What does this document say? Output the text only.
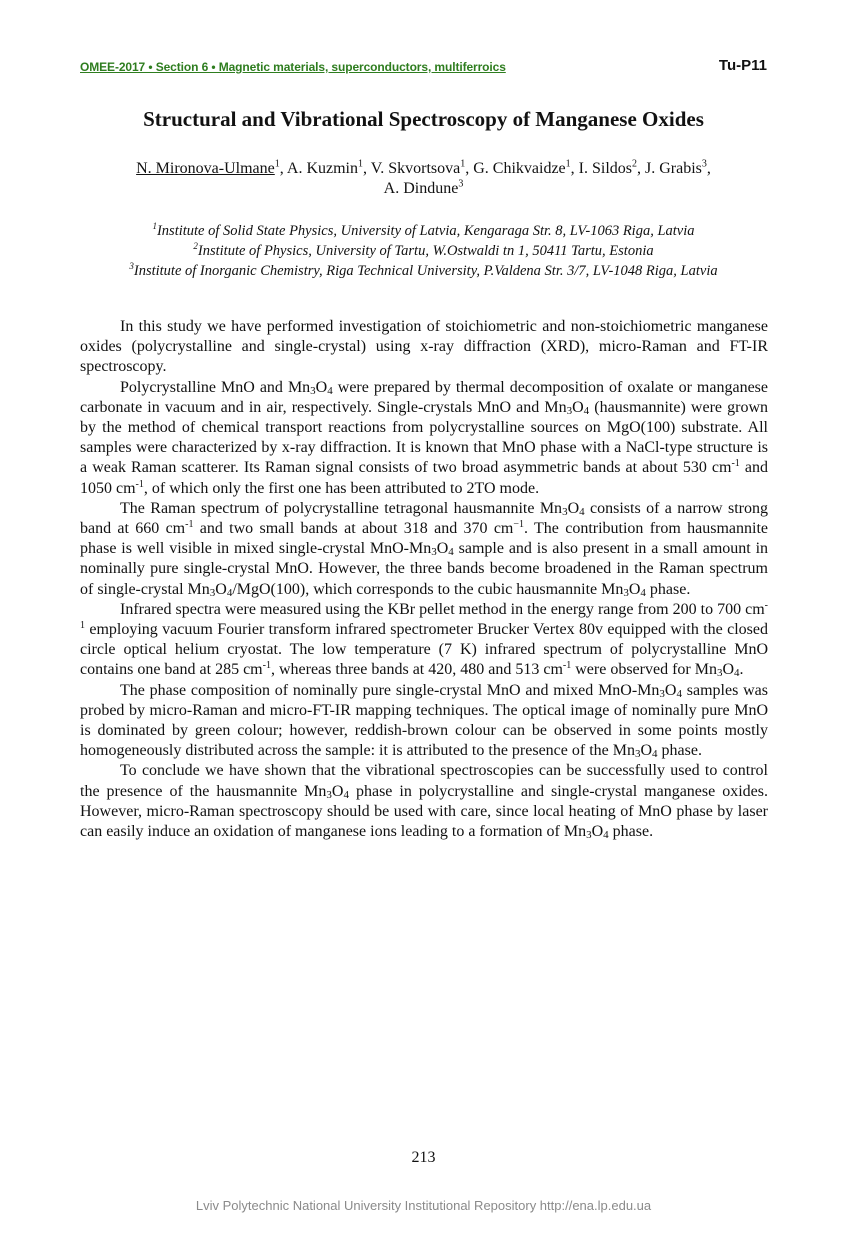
OMEE-2017 • Section 6 • Magnetic materials, superconductors, multiferroics	Tu-P11
Structural and Vibrational Spectroscopy of Manganese Oxides
N. Mironova-Ulmane$^1$, A. Kuzmin$^1$, V. Skvortsova$^1$, G. Chikvaidze$^1$, I. Sildos$^2$, J. Grabis$^3$,
A. Dindune$^3$
$^1$Institute of Solid State Physics, University of Latvia, Kengaraga Str. 8, LV-1063 Riga, Latvia
$^2$Institute of Physics, University of Tartu, W.Ostwaldi tn 1, 50411 Tartu, Estonia
$^3$Institute of Inorganic Chemistry, Riga Technical University, P.Valdena Str. 3/7, LV-1048 Riga, Latvia

In this study we have performed investigation of stoichiometric and non-stoichiometric manganese oxides (polycrystalline and single-crystal) using x-ray diffraction (XRD), micro-Raman and FT-IR spectroscopy.

Polycrystalline MnO and $Mn_3O_4$ were prepared by thermal decomposition of oxalate or manganese carbonate in vacuum and in air, respectively. Single-crystals MnO and $Mn_3O_4$ (hausmannite) were grown by the method of chemical transport reactions from polycrystalline sources on MgO(100) substrate. All samples were characterized by x-ray diffraction. It is known that MnO phase with a NaCl-type structure is a weak Raman scatterer. Its Raman signal consists of two broad asymmetric bands at about 530 $cm^{-1}$ and 1050 $cm^{-1}$, of which only the first one has been attributed to 2TO mode.

The Raman spectrum of polycrystalline tetragonal hausmannite $Mn_3O_4$ consists of a narrow strong band at 660 $cm^{-1}$ and two small bands at about 318 and 370 $cm^{-1}$. The contribution from hausmannite phase is well visible in mixed single-crystal MnO-$Mn_3O_4$ sample and is also present in a small amount in nominally pure single-crystal MnO. However, the three bands become broadened in the Raman spectrum of single-crystal $Mn_3O_4/MgO(100)$, which corresponds to the cubic hausmannite $Mn_3O_4$ phase.

Infrared spectra were measured using the KBr pellet method in the energy range from 200 to 700 $cm^{-1}$ employing vacuum Fourier transform infrared spectrometer Brucker Vertex 80v equipped with the closed circle optical helium cryostat. The low temperature (7 K) infrared spectrum of polycrystalline MnO contains one band at 285 $cm^{-1}$, whereas three bands at 420, 480 and 513 $cm^{-1}$ were observed for $Mn_3O_4$.

The phase composition of nominally pure single-crystal MnO and mixed MnO-$Mn_3O_4$ samples was probed by micro-Raman and micro-FT-IR mapping techniques. The optical image of nominally pure MnO is dominated by green colour; however, reddish-brown colour can be observed in some points mostly homogeneously distributed across the sample: it is attributed to the presence of the $Mn_3O_4$ phase.

To conclude we have shown that the vibrational spectroscopies can be successfully used to control the presence of the hausmannite $Mn_3O_4$ phase in polycrystalline and single-crystal manganese oxides. However, micro-Raman spectroscopy should be used with care, since local heating of MnO phase by laser can easily induce an oxidation of manganese ions leading to a formation of $Mn_3O_4$ phase.

213
Lviv Polytechnic National University Institutional Repository http://ena.lp.edu.ua
